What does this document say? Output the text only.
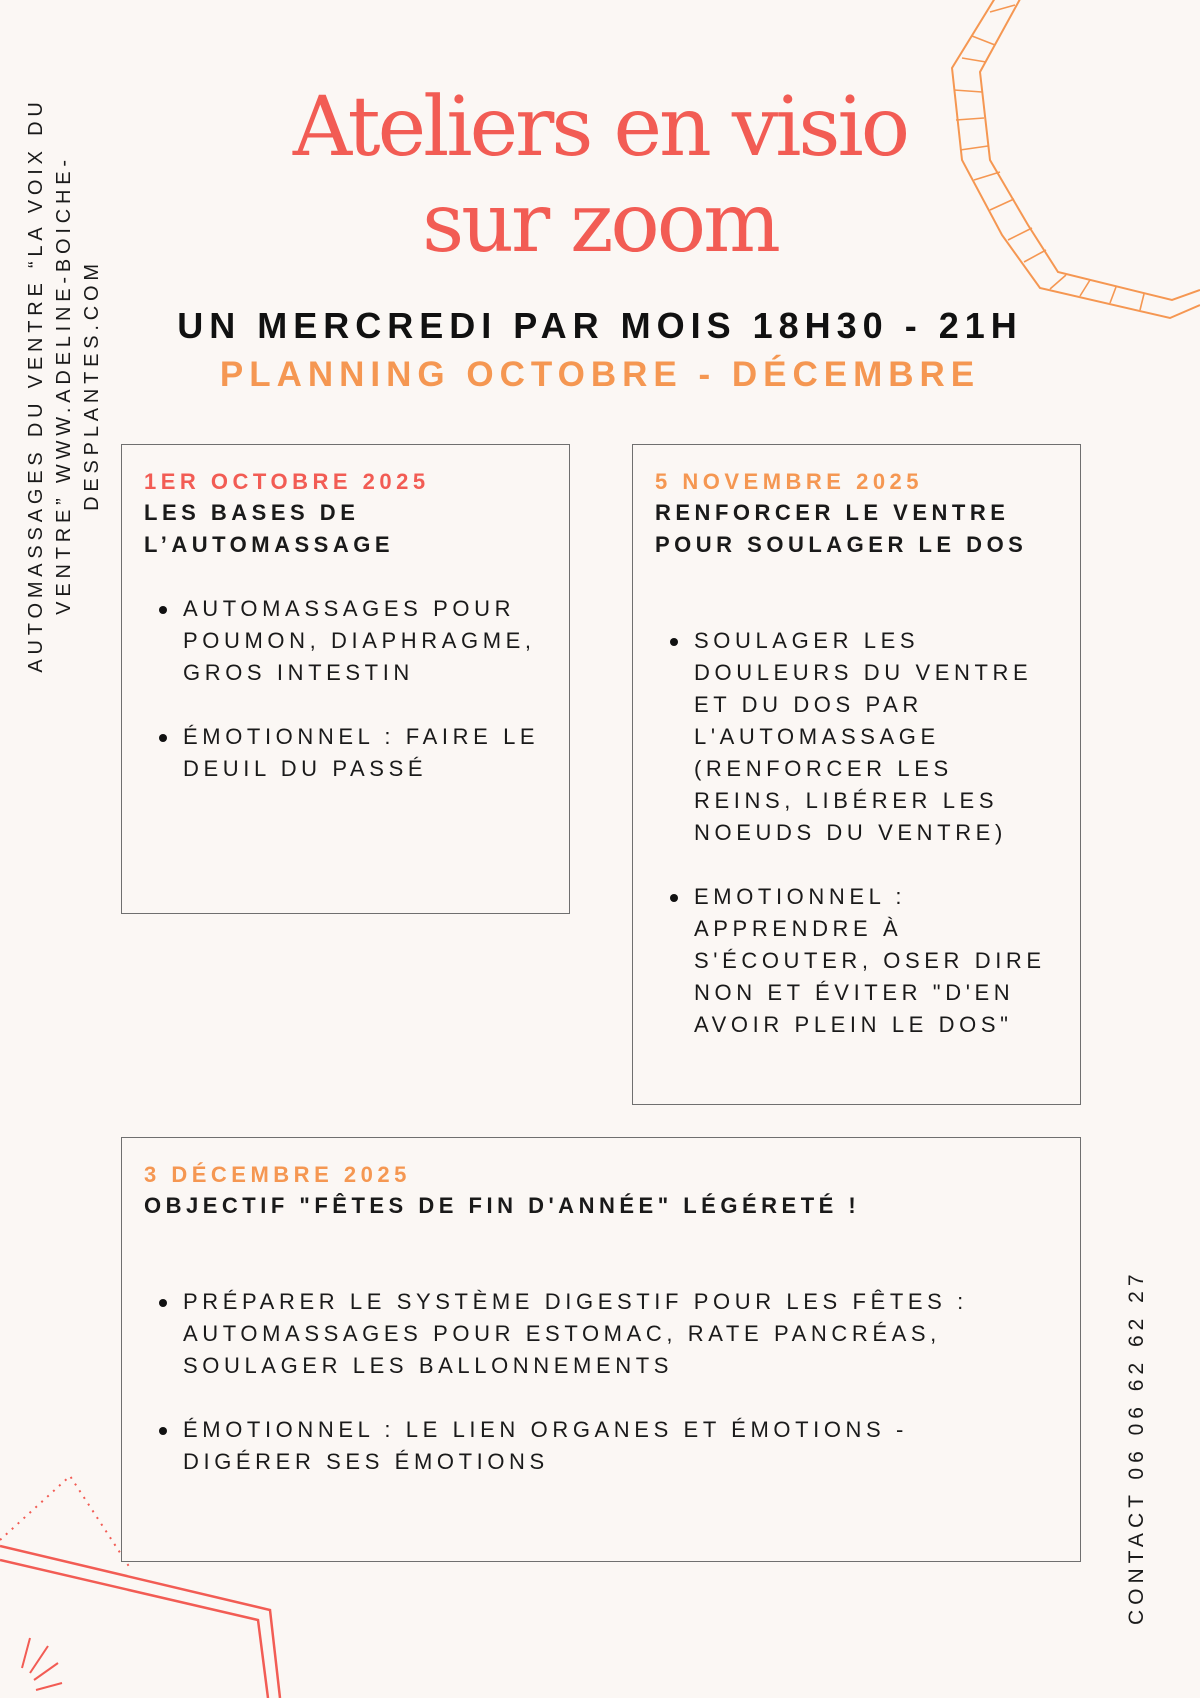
AUTOMASSAGES DU VENTRE “LA VOIX DU VENTRE” WWW.ADELINE-BOICHE- DESPLANTES.COM
Ateliers en visio
sur zoom
UN MERCREDI PAR MOIS 18H30 - 21H
PLANNING OCTOBRE - DÉCEMBRE
1ER OCTOBRE 2025
LES BASES DE L’AUTOMASSAGE
AUTOMASSAGES POUR POUMON, DIAPHRAGME, GROS INTESTIN
ÉMOTIONNEL : FAIRE LE DEUIL DU PASSÉ
5 NOVEMBRE 2025
RENFORCER LE VENTRE POUR SOULAGER LE DOS
SOULAGER LES DOULEURS DU VENTRE ET DU DOS PAR L'AUTOMASSAGE (RENFORCER LES REINS, LIBÉRER LES NOEUDS DU VENTRE)
EMOTIONNEL : APPRENDRE À S'ÉCOUTER, OSER DIRE NON ET ÉVITER "D'EN AVOIR PLEIN LE DOS"
3 DÉCEMBRE 2025
OBJECTIF "FÊTES DE FIN D'ANNÉE" LÉGÉRETÉ !
PRÉPARER LE SYSTÈME DIGESTIF POUR LES FÊTES : AUTOMASSAGES POUR ESTOMAC, RATE PANCRÉAS, SOULAGER LES BALLONNEMENTS
ÉMOTIONNEL : LE LIEN ORGANES ET ÉMOTIONS - DIGÉRER SES ÉMOTIONS	CONTACT 06 06 62 62 27
